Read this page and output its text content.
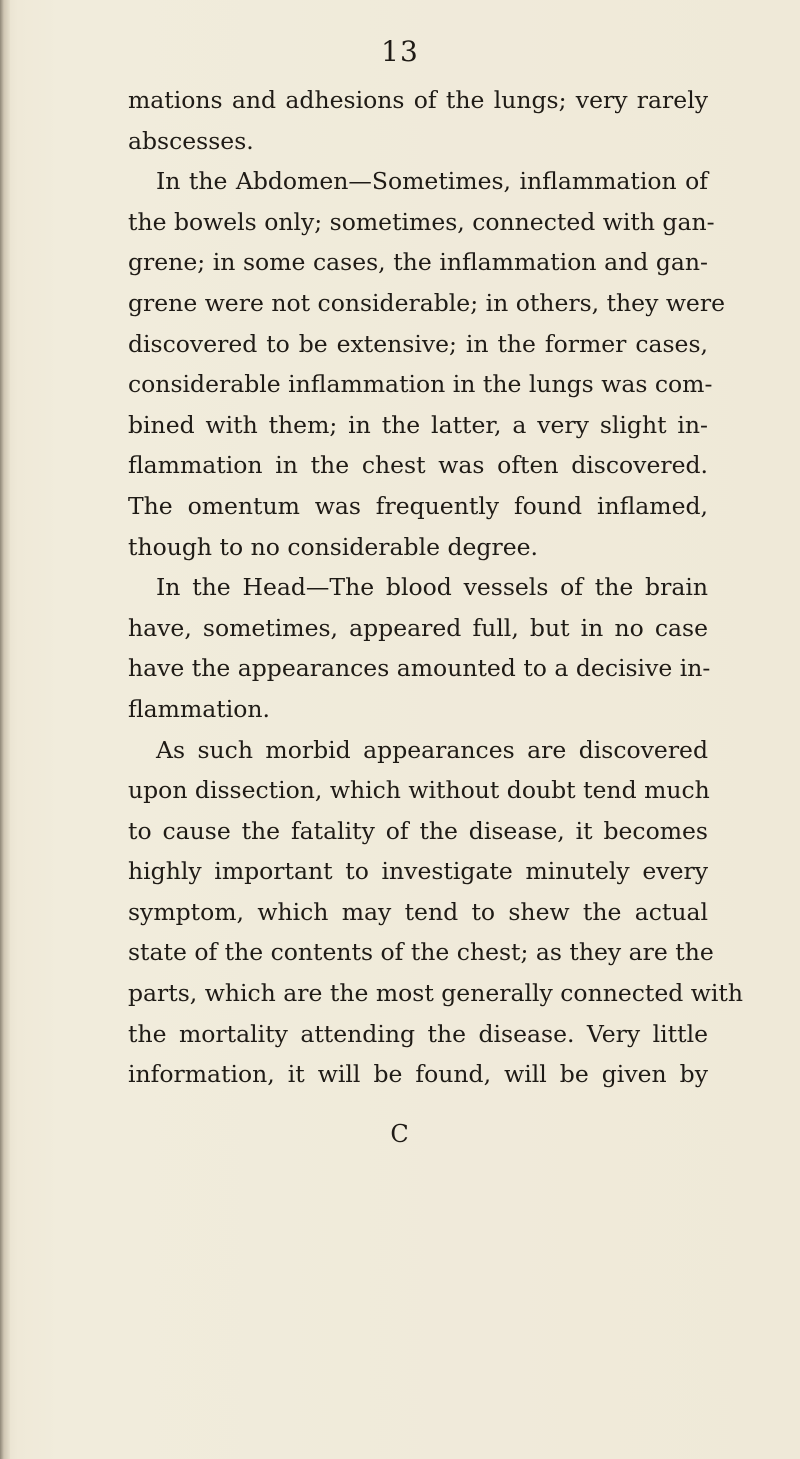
13
mations and adhesions of the lungs; very rarely
abscesses.
In the Abdomen—Sometimes, inflammation of
the bowels only; sometimes, connected with gan-
grene; in some cases, the inflammation and gan-
grene were not considerable; in others, they were
discovered to be extensive; in the former cases,
considerable inflammation in the lungs was com-
bined with them; in the latter, a very slight in-
flammation in the chest was often discovered.
The omentum was frequently found inflamed,
though to no considerable degree.
In the Head—The blood vessels of the brain
have, sometimes, appeared full, but in no case
have the appearances amounted to a decisive in-
flammation.
As such morbid appearances are discovered
upon dissection, which without doubt tend much
to cause the fatality of the disease, it becomes
highly important to investigate minutely every
symptom, which may tend to shew the actual
state of the contents of the chest; as they are the
parts, which are the most generally connected with
the mortality attending the disease. Very little
information, it will be found, will be given by
C
